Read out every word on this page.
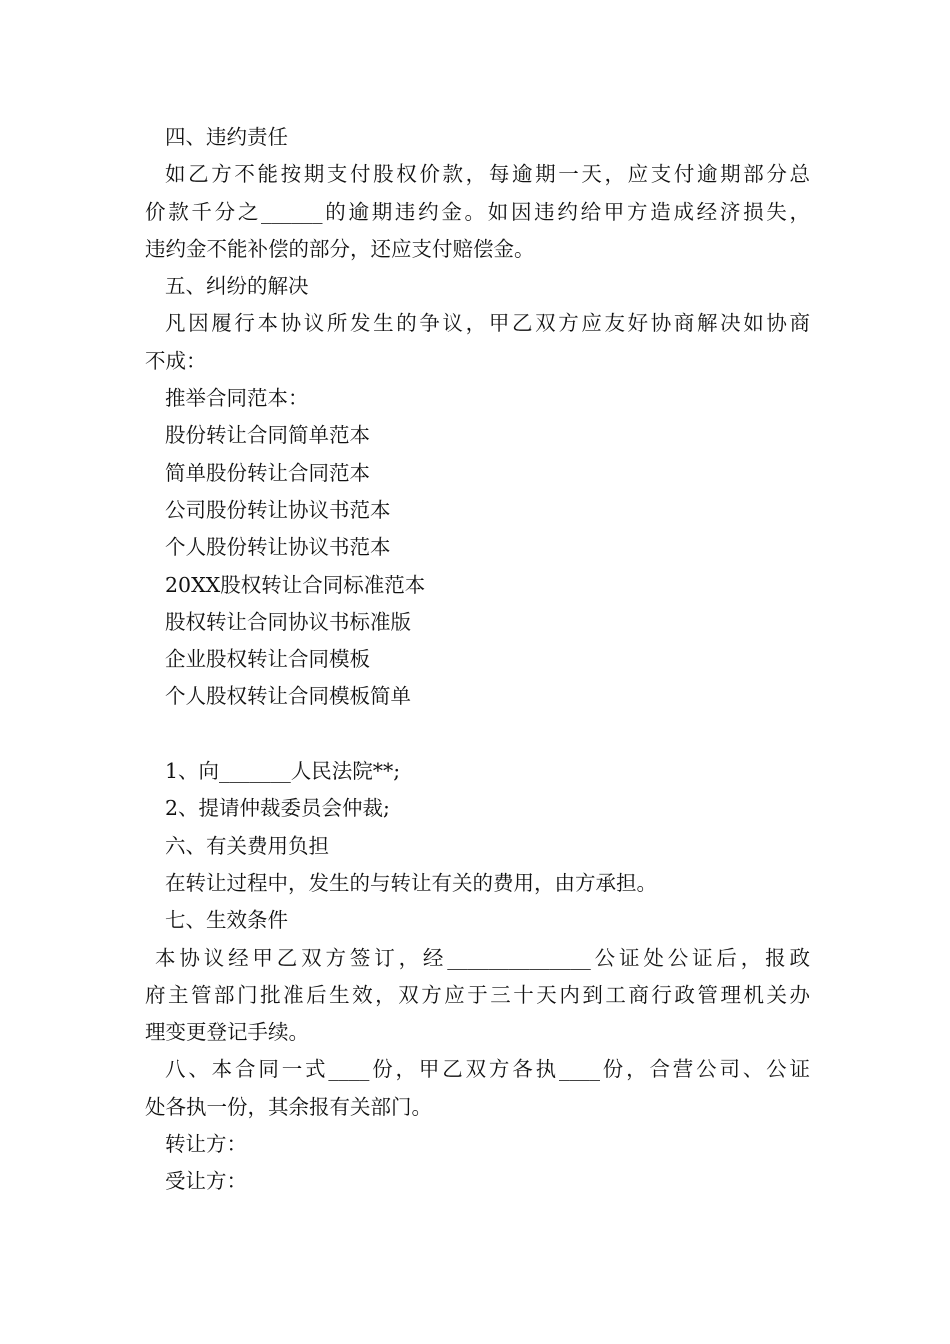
四、违约责任

如乙方不能按期支付股权价款，每逾期一天，应支付逾期部分总

价款千分之______的逾期违约金。如因违约给甲方造成经济损失，

违约金不能补偿的部分，还应支付赔偿金。

五、纠纷的解决

凡因履行本协议所发生的争议，甲乙双方应友好协商解决如协商

不成：

推举合同范本：

股份转让合同简单范本

简单股份转让合同范本

公司股份转让协议书范本

个人股份转让协议书范本

20XX股权转让合同标准范本

股权转让合同协议书标准版

企业股权转让合同模板

个人股权转让合同模板简单

1、向_______人民法院**;

2、提请仲裁委员会仲裁;

六、有关费用负担

在转让过程中，发生的与转让有关的费用，由方承担。

七、生效条件

本协议经甲乙双方签订，经______________公证处公证后，报政

府主管部门批准后生效，双方应于三十天内到工商行政管理机关办

理变更登记手续。

八、本合同一式____份，甲乙双方各执____份，合营公司、公证

处各执一份，其余报有关部门。

转让方：

受让方：
